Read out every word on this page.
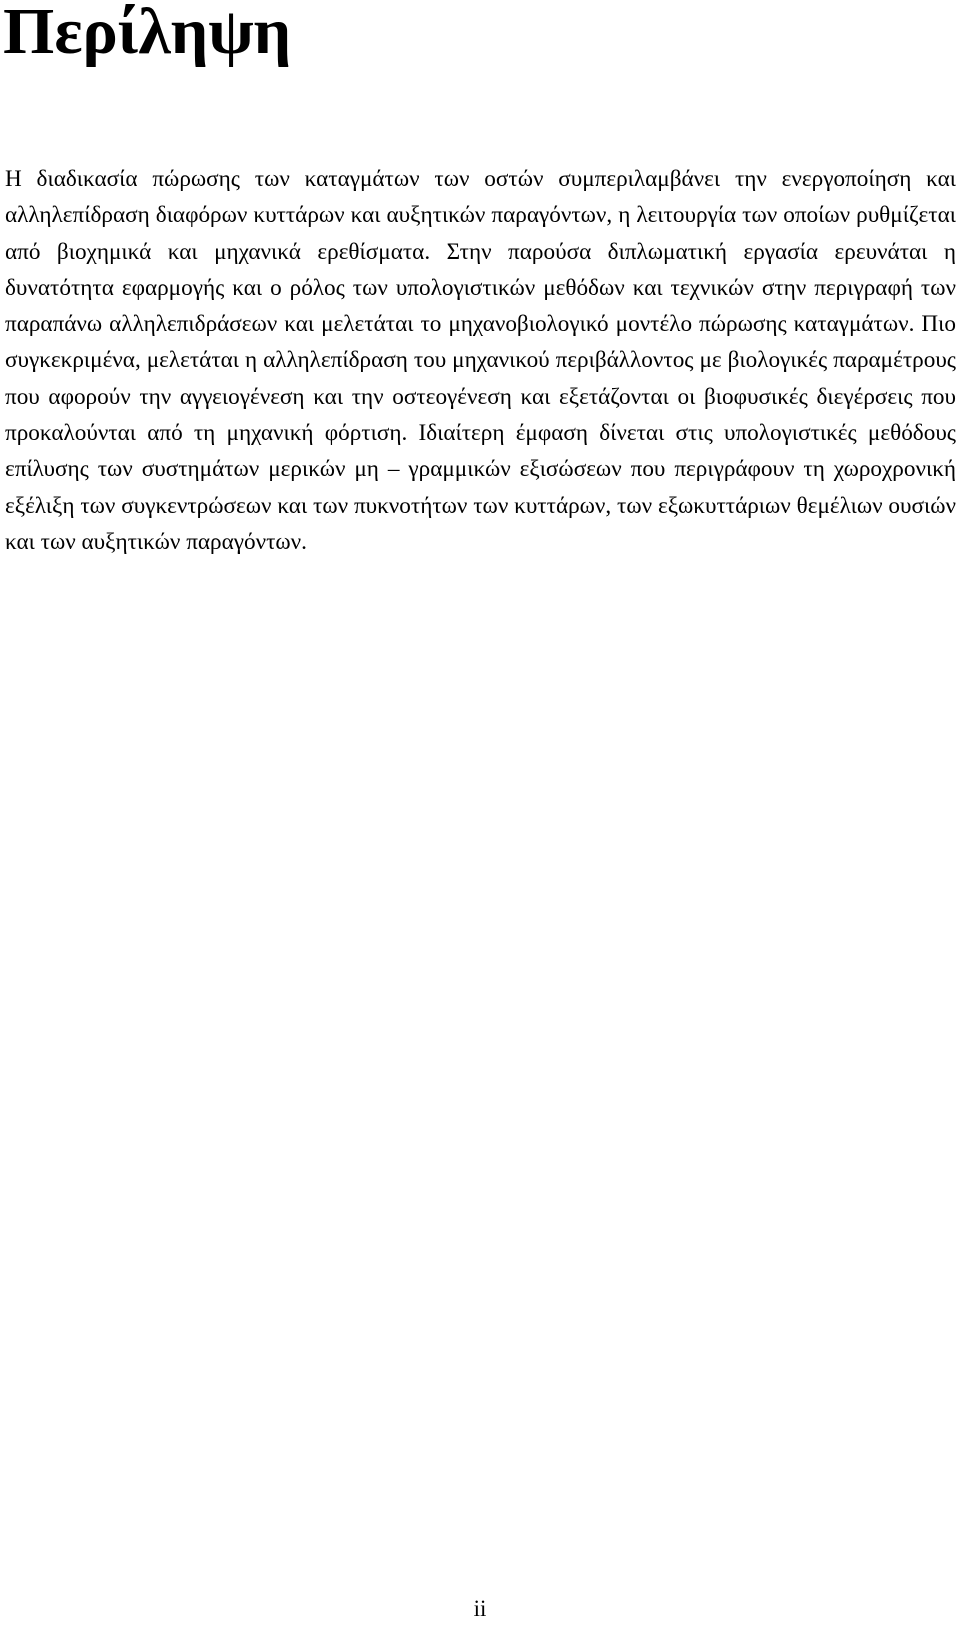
Περίληψη

Η διαδικασία πώρωσης των καταγμάτων των οστών συμπεριλαμβάνει την ενεργοποίηση και αλληλεπίδραση διαφόρων κυττάρων και αυξητικών παραγόντων, η λειτουργία των οποίων ρυθμίζεται από βιοχημικά και μηχανικά ερεθίσματα. Στην παρούσα διπλωματική εργασία ερευνάται η δυνατότητα εφαρμογής και ο ρόλος των υπολογιστικών μεθόδων και τεχνικών στην περιγραφή των παραπάνω αλληλεπιδράσεων και μελετάται το μηχανοβιολογικό μοντέλο πώρωσης καταγμάτων. Πιο συγκεκριμένα, μελετάται η αλληλεπίδραση του μηχανικού περιβάλλοντος με βιολογικές παραμέτρους που αφορούν την αγγειογένεση και την οστεογένεση και εξετάζονται οι βιοφυσικές διεγέρσεις που προκαλούνται από τη μηχανική φόρτιση. Ιδιαίτερη έμφαση δίνεται στις υπολογιστικές μεθόδους επίλυσης των συστημάτων μερικών μη – γραμμικών εξισώσεων που περιγράφουν τη χωροχρονική εξέλιξη των συγκεντρώσεων και των πυκνοτήτων των κυττάρων, των εξωκυττάριων θεμέλιων ουσιών και των αυξητικών παραγόντων.

ii
